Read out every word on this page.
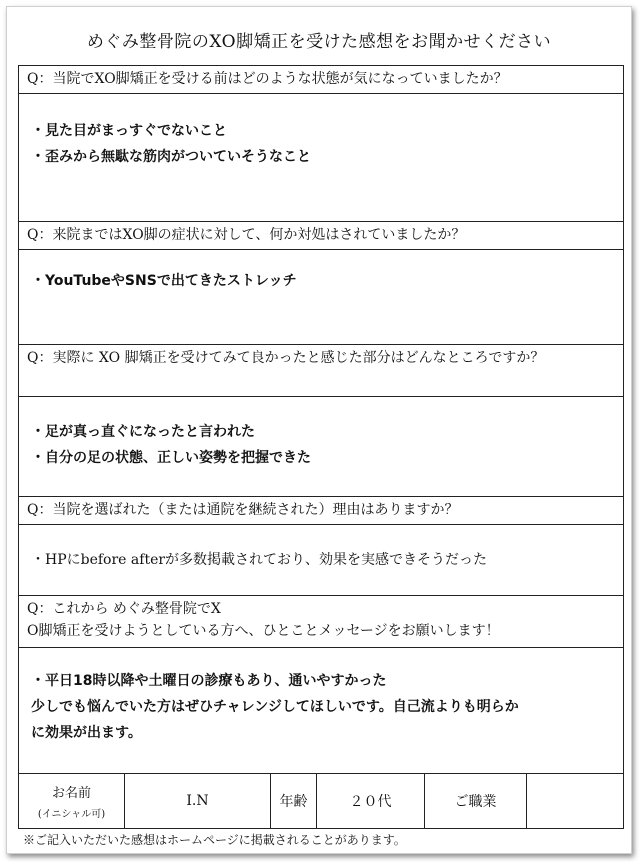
めぐみ整骨院のXO脚矯正を受けた感想をお聞かせください
Q：当院でXO脚矯正を受ける前はどのような状態が気になっていましたか？
・見た目がまっすぐでないこと
・歪みから無駄な筋肉がついていそうなこと
Q：来院まではXO脚の症状に対して、何か対処はされていましたか？
・YouTubeやSNSで出てきたストレッチ
Q：実際に XO 脚矯正を受けてみて良かったと感じた部分はどんなところですか？
・足が真っ直ぐになったと言われた
・自分の足の状態、正しい姿勢を把握できた
Q：当院を選ばれた（または通院を継続された）理由はありますか？
・HPにbefore afterが多数掲載されており、効果を実感できそうだった
Q：これから めぐみ整骨院でX
O脚矯正を受けようとしている方へ、ひとことメッセージをお願いします！
・平日18時以降や土曜日の診療もあり、通いやすかった
少しでも悩んでいた方はぜひチャレンジしてほしいです。自己流よりも明らか
に効果が出ます。
お名前
(イニシャル可)
I.N	年齢	２０代	ご職業
※ご記入いただいた感想はホームページに掲載されることがあります。
